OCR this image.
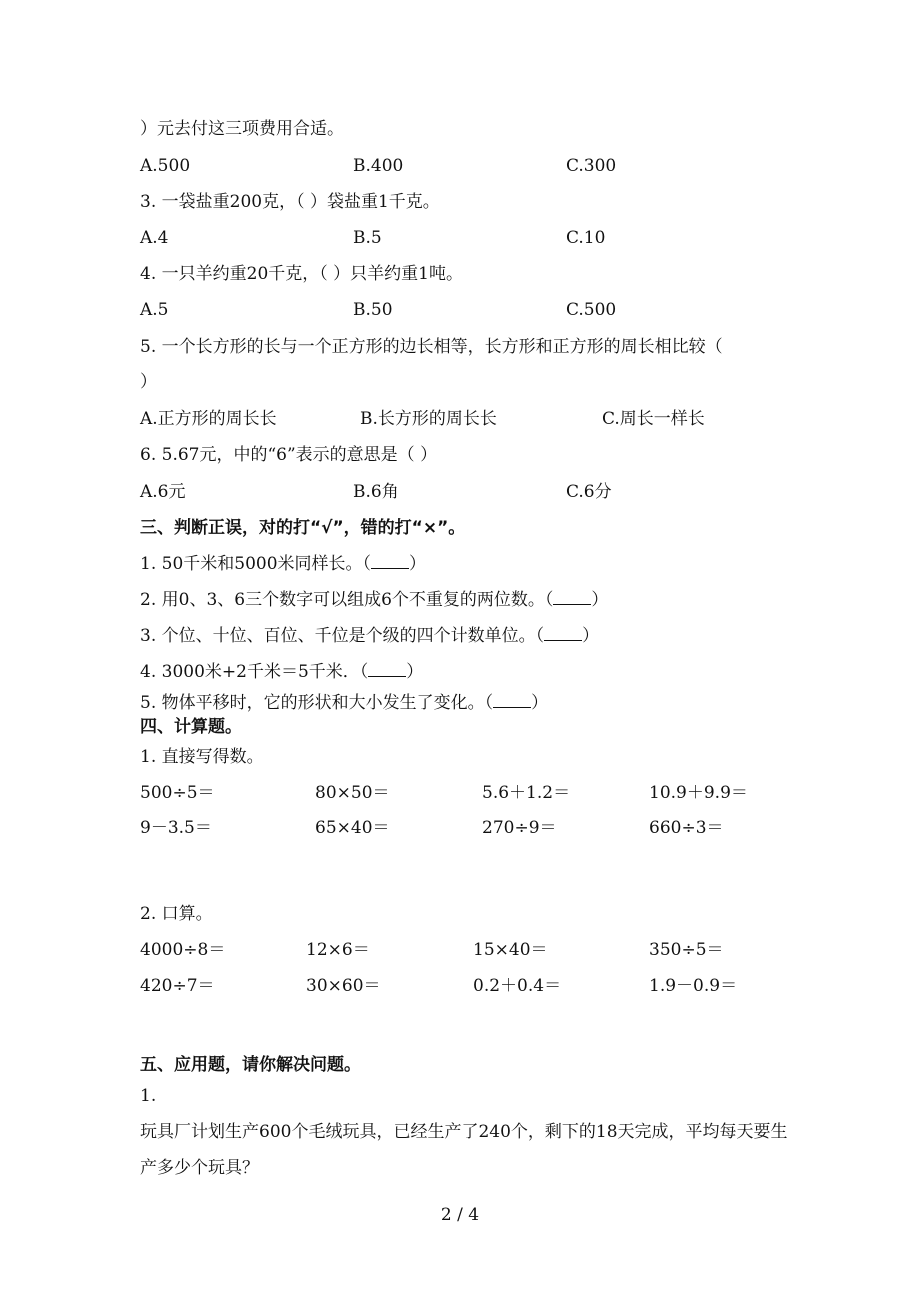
）元去付这三项费用合适。
A.500	B.400	C.300
3. 一袋盐重200克，（ ）袋盐重1千克。
A.4	B.5	C.10
4. 一只羊约重20千克，（ ）只羊约重1吨。
A.5	B.50	C.500
5. 一个长方形的长与一个正方形的边长相等，长方形和正方形的周长相比较（
）
A.正方形的周长长	B.长方形的周长长	C.周长一样长
6. 5.67元，中的“6”表示的意思是（ ）
A.6元	B.6角	C.6分
三、判断正误，对的打“√”，错的打“×”。
1. 50千米和5000米同样长。（ ）
2. 用0、3、6三个数字可以组成6个不重复的两位数。（ ）
3. 个位、十位、百位、千位是个级的四个计数单位。（ ）
4. 3000米+2千米＝5千米．（ ）
5. 物体平移时，它的形状和大小发生了变化。（ ）
四、计算题。
1. 直接写得数。
500÷5＝	80×50＝	5.6＋1.2＝	10.9＋9.9＝
9－3.5＝	65×40＝	270÷9＝	660÷3＝
2. 口算。
4000÷8＝	12×6＝	15×40＝	350÷5＝
420÷7＝	30×60＝	0.2＋0.4＝	1.9－0.9＝
五、应用题，请你解决问题。
1.
玩具厂计划生产600个毛绒玩具，已经生产了240个，剩下的18天完成，平均每天要生产多少个玩具？
2 / 4
